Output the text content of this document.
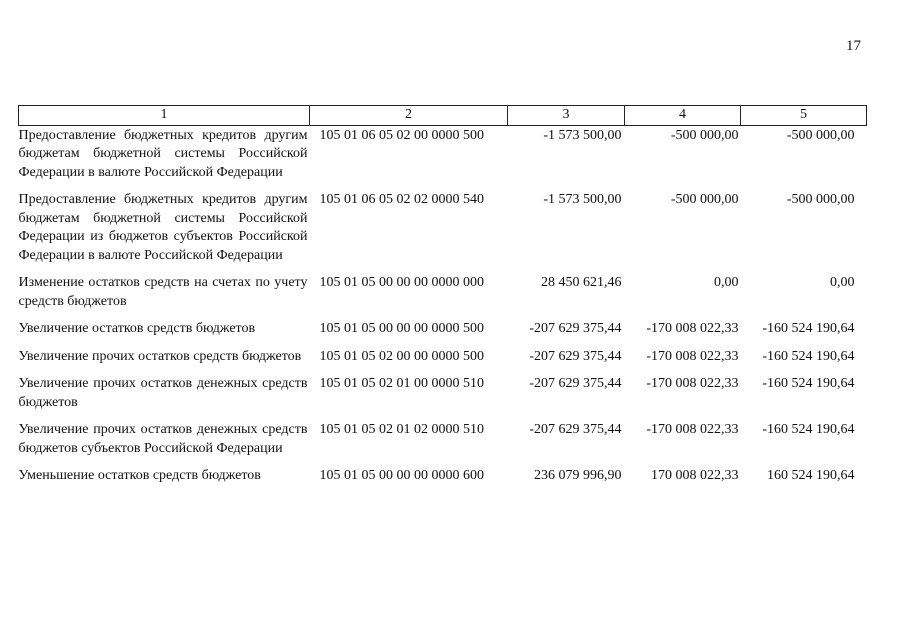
17
1	2	3	4	5
Предоставление бюджетных кредитов другим бюджетам бюджетной системы Российской Федерации в валюте Российской Федерации	105 01 06 05 02 00 0000 500	-1 573 500,00	-500 000,00	-500 000,00
Предоставление бюджетных кредитов другим бюджетам бюджетной системы Российской Федерации из бюджетов субъектов Российской Федерации в валюте Российской Федерации	105 01 06 05 02 02 0000 540	-1 573 500,00	-500 000,00	-500 000,00
Изменение остатков средств на счетах по учету средств бюджетов	105 01 05 00 00 00 0000 000	28 450 621,46	0,00	0,00
Увеличение остатков средств бюджетов	105 01 05 00 00 00 0000 500	-207 629 375,44	-170 008 022,33	-160 524 190,64
Увеличение прочих остатков средств бюджетов	105 01 05 02 00 00 0000 500	-207 629 375,44	-170 008 022,33	-160 524 190,64
Увеличение прочих остатков денежных средств бюджетов	105 01 05 02 01 00 0000 510	-207 629 375,44	-170 008 022,33	-160 524 190,64
Увеличение прочих остатков денежных средств бюджетов субъектов Российской Федерации	105 01 05 02 01 02 0000 510	-207 629 375,44	-170 008 022,33	-160 524 190,64
Уменьшение остатков средств бюджетов	105 01 05 00 00 00 0000 600	236 079 996,90	170 008 022,33	160 524 190,64
